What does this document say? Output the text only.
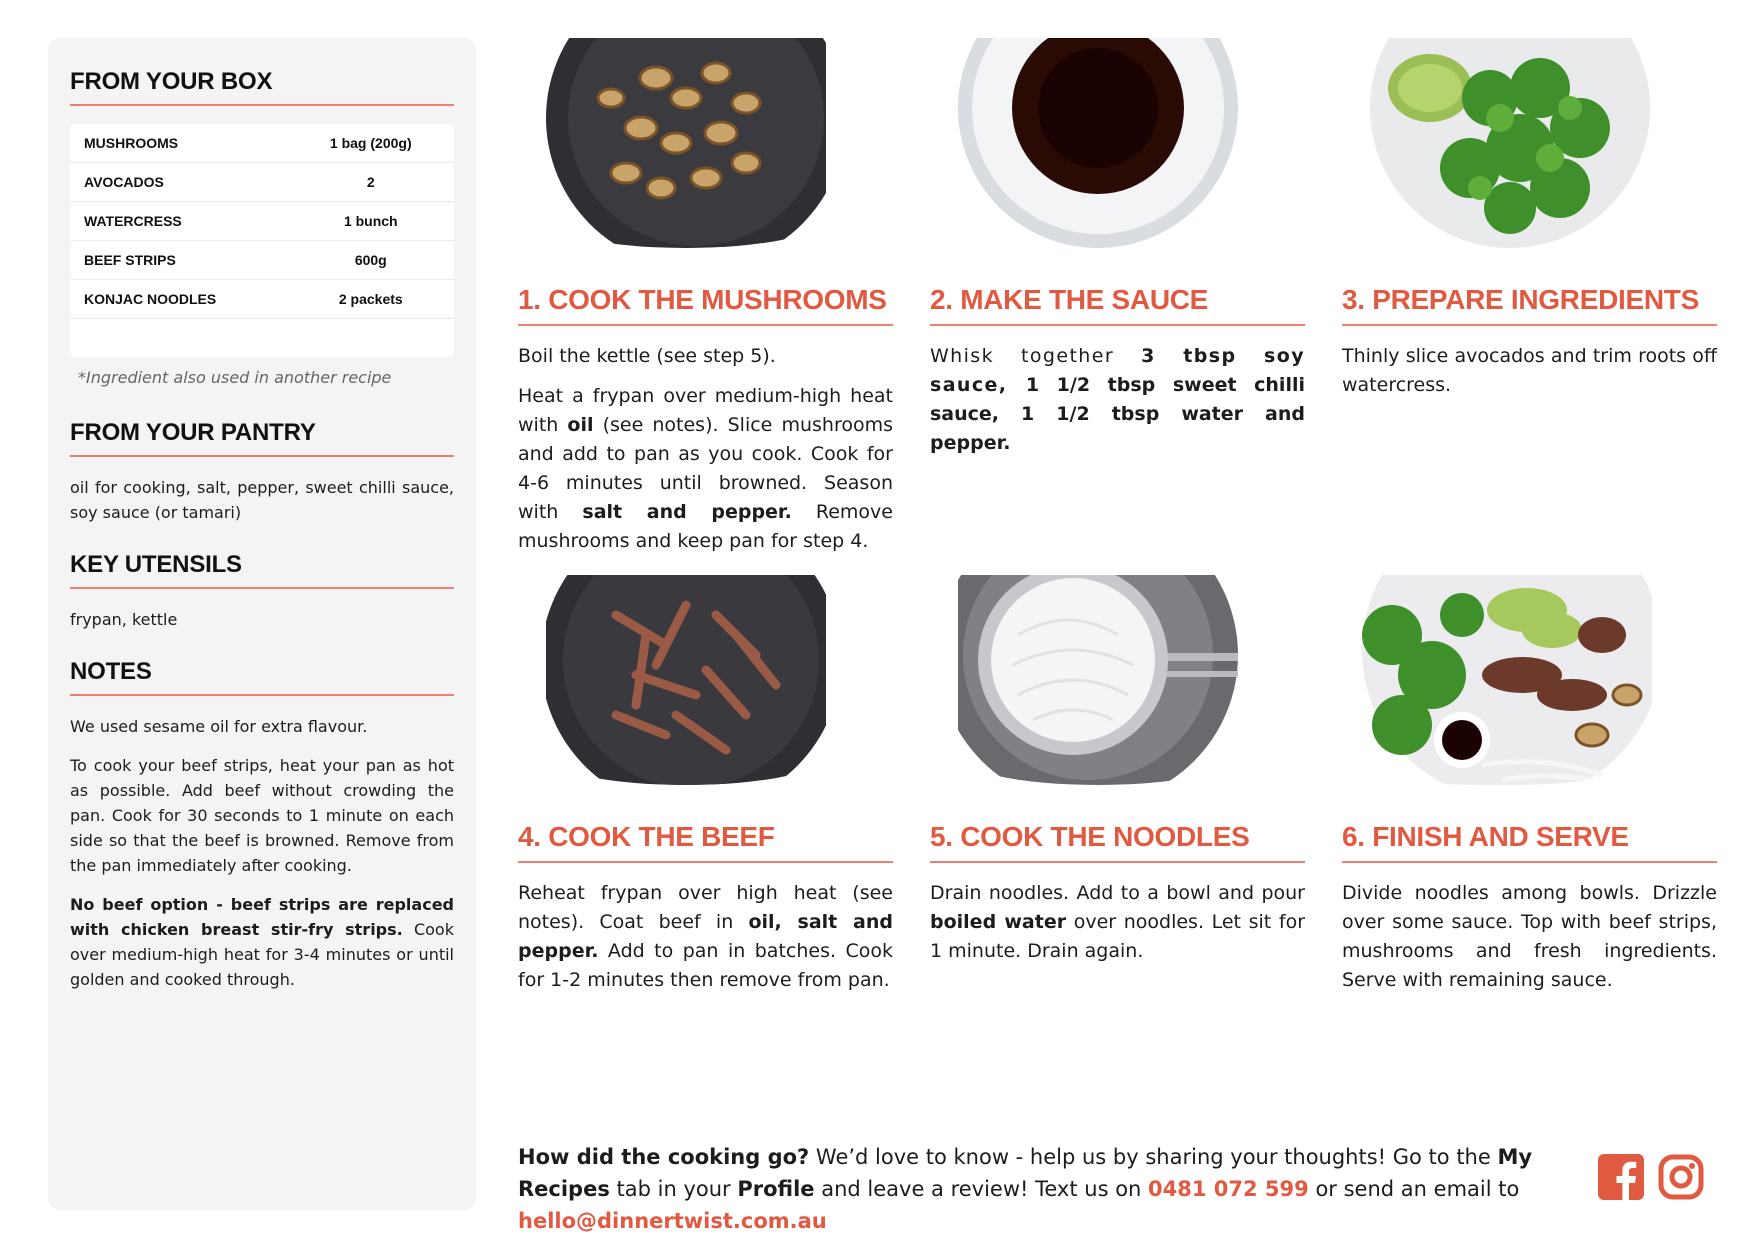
FROM YOUR BOX
MUSHROOMS	1 bag (200g)
AVOCADOS	2
WATERCRESS	1 bunch
BEEF STRIPS	600g
KONJAC NOODLES	2 packets
*Ingredient also used in another recipe
FROM YOUR PANTRY

oil for cooking, salt, pepper, sweet chilli sauce, soy sauce (or tamari)

KEY UTENSILS

frypan, kettle

NOTES

We used sesame oil for extra flavour.

To cook your beef strips, heat your pan as hot as possible. Add beef without crowding the pan. Cook for 30 seconds to 1 minute on each side so that the beef is browned. Remove from the pan immediately after cooking.

No beef option - beef strips are replaced with chicken breast stir-fry strips. Cook over medium-high heat for 3-4 minutes or until golden and cooked through.

1. COOK THE MUSHROOMS

Boil the kettle (see step 5).

Heat a frypan over medium-high heat with oil (see notes). Slice mushrooms and add to pan as you cook. Cook for 4-6 minutes until browned. Season with salt and pepper. Remove mushrooms and keep pan for step 4.

2. MAKE THE SAUCE

Whisk together 3 tbsp soy sauce, 1 1/2 tbsp sweet chilli sauce, 1 1/2 tbsp water and pepper.

3. PREPARE INGREDIENTS

Thinly slice avocados and trim roots off watercress.

4. COOK THE BEEF

Reheat frypan over high heat (see notes). Coat beef in oil, salt and pepper. Add to pan in batches. Cook for 1-2 minutes then remove from pan.

5. COOK THE NOODLES

Drain noodles. Add to a bowl and pour boiled water over noodles. Let sit for 1 minute. Drain again.

6. FINISH AND SERVE

Divide noodles among bowls. Drizzle over some sauce. Top with beef strips, mushrooms and fresh ingredients. Serve with remaining sauce.

How did the cooking go? We’d love to know - help us by sharing your thoughts! Go to the My Recipes tab in your Profile and leave a review! Text us on 0481 072 599 or send an email to hello@dinnertwist.com.au
